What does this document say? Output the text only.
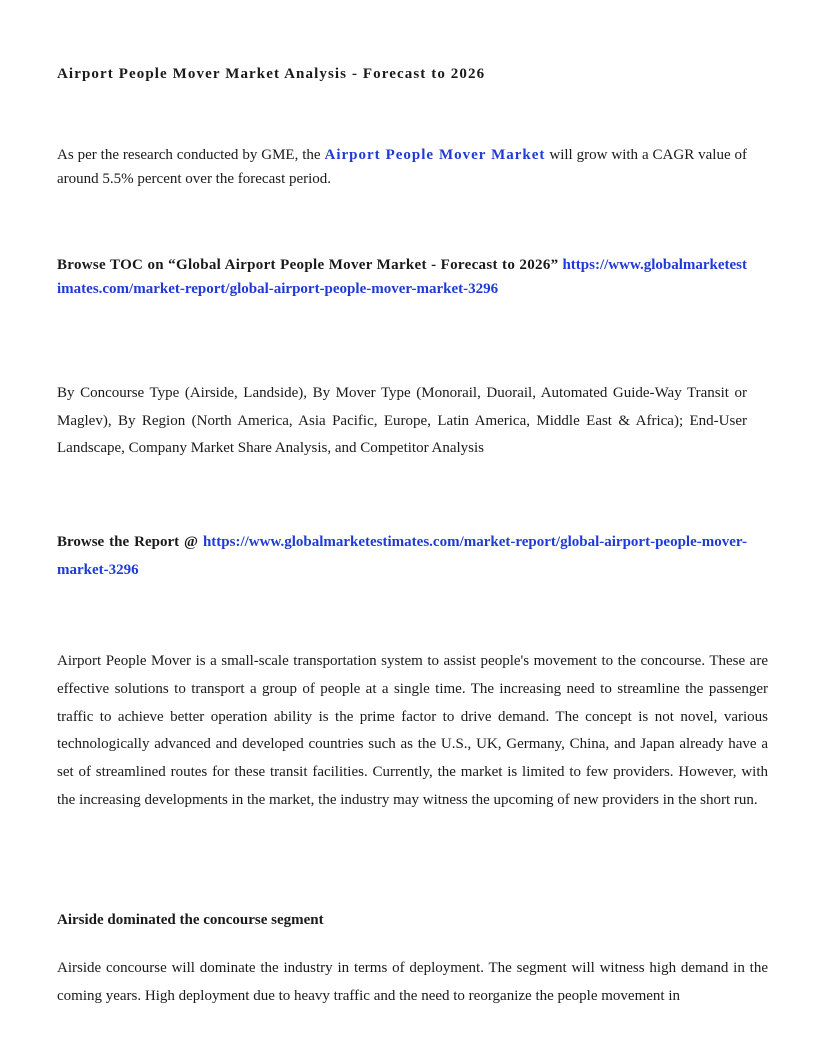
Airport People Mover Market Analysis - Forecast to 2026

As per the research conducted by GME, the Airport People Mover Market will grow with a CAGR value of around 5.5% percent over the forecast period.

Browse TOC on “Global Airport People Mover Market - Forecast to 2026” https://www.globalmarketestimates.com/market-report/global-airport-people-mover-market-3296

By Concourse Type (Airside, Landside), By Mover Type (Monorail, Duorail, Automated Guide-Way Transit or Maglev), By Region (North America, Asia Pacific, Europe, Latin America, Middle East & Africa); End-User Landscape, Company Market Share Analysis, and Competitor Analysis

Browse the Report @ https://www.globalmarketestimates.com/market-report/global-airport-people-mover-market-3296

Airport People Mover is a small-scale transportation system to assist people's movement to the concourse. These are effective solutions to transport a group of people at a single time. The increasing need to streamline the passenger traffic to achieve better operation ability is the prime factor to drive demand. The concept is not novel, various technologically advanced and developed countries such as the U.S., UK, Germany, China, and Japan already have a set of streamlined routes for these transit facilities. Currently, the market is limited to few providers. However, with the increasing developments in the market, the industry may witness the upcoming of new providers in the short run.

Airside dominated the concourse segment

Airside concourse will dominate the industry in terms of deployment. The segment will witness high demand in the coming years. High deployment due to heavy traffic and the need to reorganize the people movement in
